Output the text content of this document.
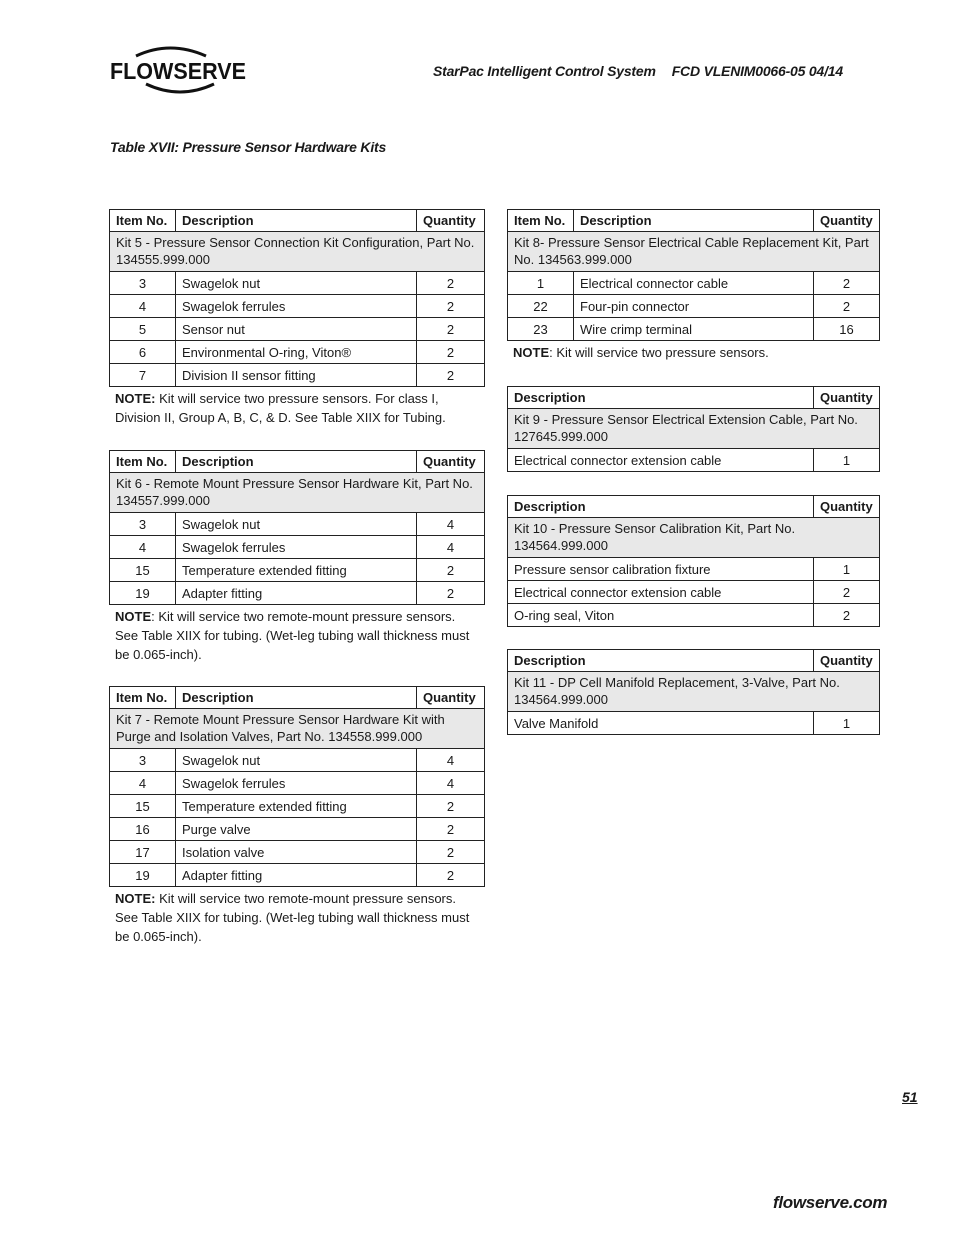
FLOWSERVE	StarPac Intelligent Control System FCD VLENIM0066-05 04/14
Table XVII: Pressure Sensor Hardware Kits
Item No.	Description	Quantity
Kit 5 - Pressure Sensor Connection Kit Configuration, Part No. 134555.999.000		
3	Swagelok nut	2
4	Swagelok ferrules	2
5	Sensor nut	2
6	Environmental O-ring, Viton®	2
7	Division II sensor fitting	2
NOTE: Kit will service two pressure sensors. For class I, Division II, Group A, B, C, & D. See Table XIIX for Tubing.
Item No.	Description	Quantity
Kit 6 - Remote Mount Pressure Sensor Hardware Kit, Part No. 134557.999.000		
3	Swagelok nut	4
4	Swagelok ferrules	4
15	Temperature extended fitting	2
19	Adapter fitting	2
NOTE: Kit will service two remote-mount pressure sensors. See Table XIIX for tubing. (Wet-leg tubing wall thickness must be 0.065-inch).
Item No.	Description	Quantity
Kit 7 - Remote Mount Pressure Sensor Hardware Kit with Purge and Isolation Valves, Part No. 134558.999.000		
3	Swagelok nut	4
4	Swagelok ferrules	4
15	Temperature extended fitting	2
16	Purge valve	2
17	Isolation valve	2
19	Adapter fitting	2
NOTE: Kit will service two remote-mount pressure sensors. See Table XIIX for tubing. (Wet-leg tubing wall thickness must be 0.065-inch).
Item No.	Description	Quantity
Kit 8- Pressure Sensor Electrical Cable Replacement Kit, Part No. 134563.999.000		
1	Electrical connector cable	2
22	Four-pin connector	2
23	Wire crimp terminal	16
NOTE: Kit will service two pressure sensors.
Description	Quantity
Kit 9 - Pressure Sensor Electrical Extension Cable, Part No. 127645.999.000	
Electrical connector extension cable	1
Description	Quantity
Kit 10 - Pressure Sensor Calibration Kit, Part No. 134564.999.000	
Pressure sensor calibration fixture	1
Electrical connector extension cable	2
O-ring seal, Viton	2
Description	Quantity
Kit 11 - DP Cell Manifold Replacement, 3-Valve, Part No. 134564.999.000	
Valve Manifold	1
51
flowserve.com
